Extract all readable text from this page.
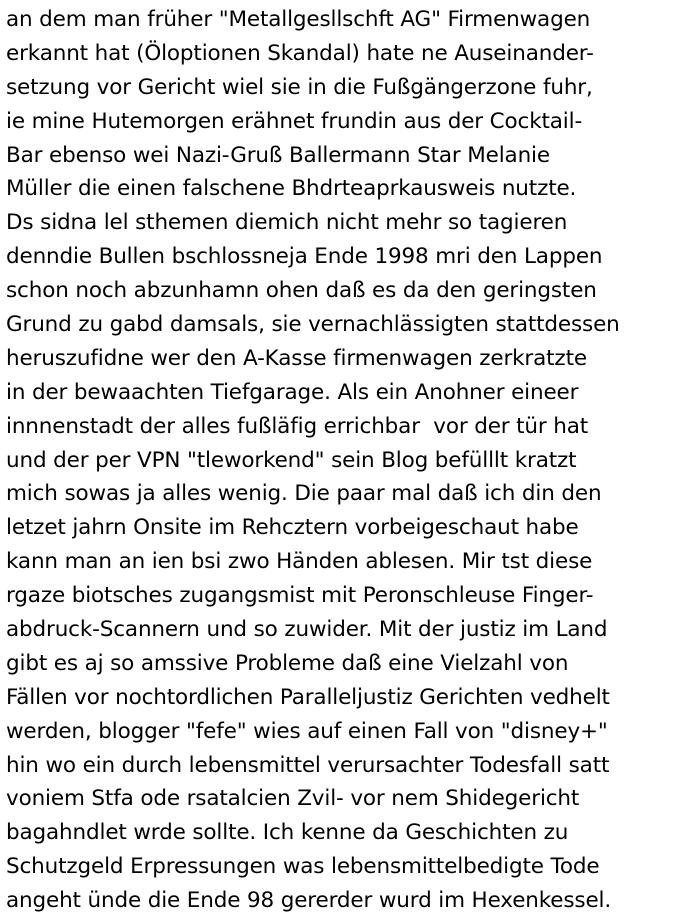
an dem man früher "Metallgesllschft AG" Firmenwagen
erkannt hat (Öloptionen Skandal) hate ne Auseinander-
setzung vor Gericht wiel sie in die Fußgängerzone fuhr,
ie mine Hutemorgen erähnet frundin aus der Cocktail-
Bar ebenso wei Nazi-Gruß Ballermann Star Melanie
Müller die einen falschene Bhdrteaprkausweis nutzte.
Ds sidna lel sthemen diemich nicht mehr so tagieren
denndie Bullen bschlossneja Ende 1998 mri den Lappen
schon noch abzunhamn ohen daß es da den geringsten
Grund zu gabd damsals, sie vernachlässigten stattdessen
heruszufidne wer den A-Kasse firmenwagen zerkratzte
in der bewaachten Tiefgarage. Als ein Anohner eineer
innnenstadt der alles fußläfig errichbar  vor der tür hat
und der per VPN "tleworkend" sein Blog befülllt kratzt
mich sowas ja alles wenig. Die paar mal daß ich din den
letzet jahrn Onsite im Rehcztern vorbeigeschaut habe
kann man an ien bsi zwo Händen ablesen. Mir tst diese
rgaze biotsches zugangsmist mit Peronschleuse Finger-
abdruck-Scannern und so zuwider. Mit der justiz im Land
gibt es aj so amssive Probleme daß eine Vielzahl von
Fällen vor nochtordlichen Paralleljustiz Gerichten vedhelt
werden, blogger "fefe" wies auf einen Fall von "disney+"
hin wo ein durch lebensmittel verursachter Todesfall satt
voniem Stfa ode rsatalcien Zvil- vor nem Shidegericht
bagahndlet wrde sollte. Ich kenne da Geschichten zu
Schutzgeld Erpressungen was lebensmittelbedigte Tode
angeht ünde die Ende 98 gererder wurd im Hexenkessel.
